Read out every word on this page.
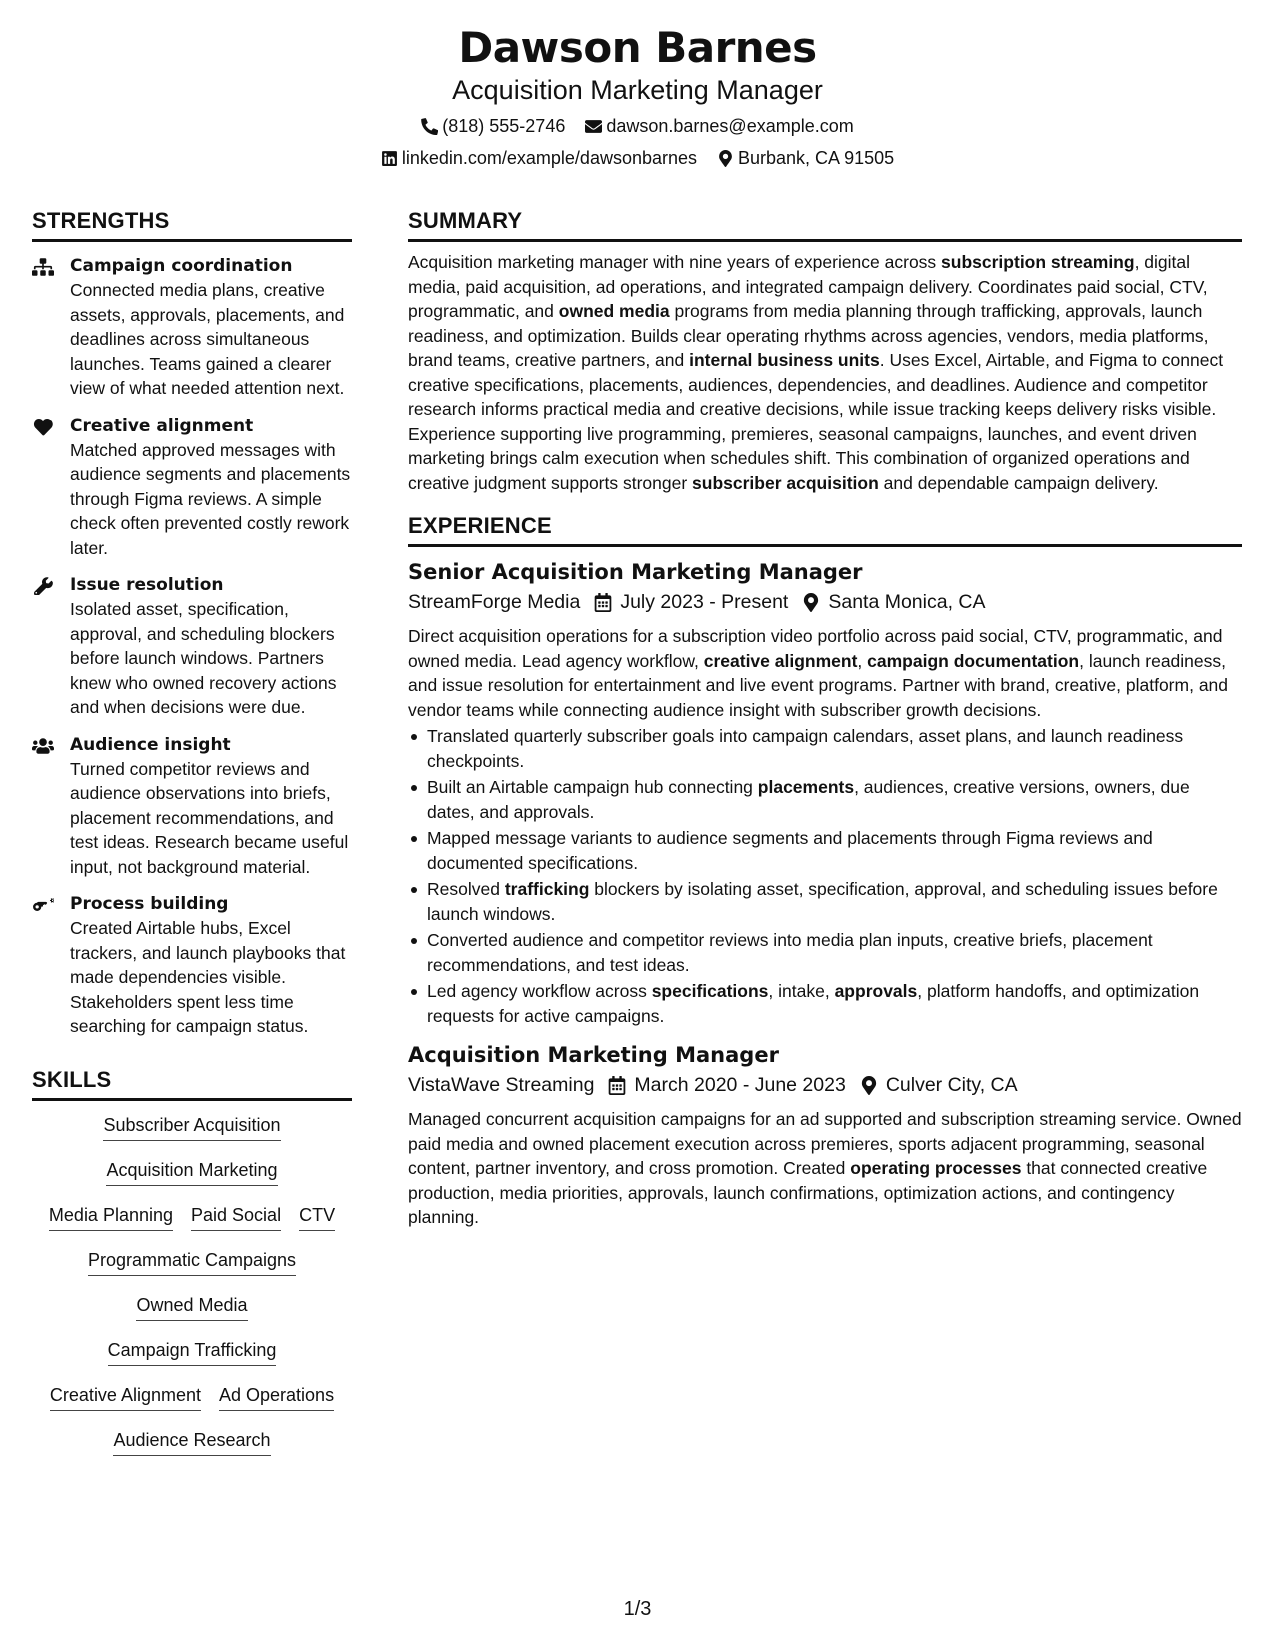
Dawson Barnes
Acquisition Marketing Manager
(818) 555-2746 dawson.barnes@example.com
linkedin.com/example/dawsonbarnes Burbank, CA 91505
STRENGTHS
Campaign coordination
Connected media plans, creative assets, approvals, placements, and deadlines across simultaneous launches. Teams gained a clearer view of what needed attention next.
Creative alignment
Matched approved messages with audience segments and placements through Figma reviews. A simple check often prevented costly rework later.
Issue resolution
Isolated asset, specification, approval, and scheduling blockers before launch windows. Partners knew who owned recovery actions and when decisions were due.
Audience insight
Turned competitor reviews and audience observations into briefs, placement recommendations, and test ideas. Research became useful input, not background material.
Process building
Created Airtable hubs, Excel trackers, and launch playbooks that made dependencies visible. Stakeholders spent less time searching for campaign status.
SKILLS
Subscriber Acquisition
Acquisition Marketing
Media Planning Paid Social CTV
Programmatic Campaigns
Owned Media
Campaign Trafficking
Creative Alignment Ad Operations
Audience Research
SUMMARY
Acquisition marketing manager with nine years of experience across subscription streaming, digital media, paid acquisition, ad operations, and integrated campaign delivery. Coordinates paid social, CTV, programmatic, and owned media programs from media planning through trafficking, approvals, launch readiness, and optimization. Builds clear operating rhythms across agencies, vendors, media platforms, brand teams, creative partners, and internal business units. Uses Excel, Airtable, and Figma to connect creative specifications, placements, audiences, dependencies, and deadlines. Audience and competitor research informs practical media and creative decisions, while issue tracking keeps delivery risks visible. Experience supporting live programming, premieres, seasonal campaigns, launches, and event driven marketing brings calm execution when schedules shift. This combination of organized operations and creative judgment supports stronger subscriber acquisition and dependable campaign delivery.
EXPERIENCE
Senior Acquisition Marketing Manager
StreamForge Media July 2023 - Present Santa Monica, CA
Direct acquisition operations for a subscription video portfolio across paid social, CTV, programmatic, and owned media. Lead agency workflow, creative alignment, campaign documentation, launch readiness, and issue resolution for entertainment and live event programs. Partner with brand, creative, platform, and vendor teams while connecting audience insight with subscriber growth decisions.
Translated quarterly subscriber goals into campaign calendars, asset plans, and launch readiness checkpoints.
Built an Airtable campaign hub connecting placements, audiences, creative versions, owners, due dates, and approvals.
Mapped message variants to audience segments and placements through Figma reviews and documented specifications.
Resolved trafficking blockers by isolating asset, specification, approval, and scheduling issues before launch windows.
Converted audience and competitor reviews into media plan inputs, creative briefs, placement recommendations, and test ideas.
Led agency workflow across specifications, intake, approvals, platform handoffs, and optimization requests for active campaigns.
Acquisition Marketing Manager
VistaWave Streaming March 2020 - June 2023 Culver City, CA
Managed concurrent acquisition campaigns for an ad supported and subscription streaming service. Owned paid media and owned placement execution across premieres, sports adjacent programming, seasonal content, partner inventory, and cross promotion. Created operating processes that connected creative production, media priorities, approvals, launch confirmations, optimization actions, and contingency planning.
1/3
